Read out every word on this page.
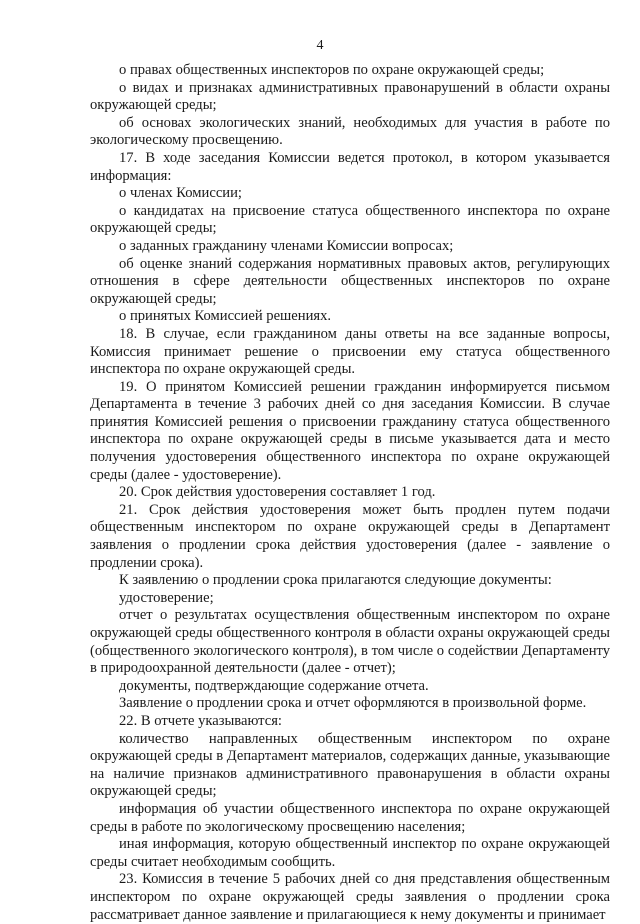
4

о правах общественных инспекторов по охране окружающей среды;

о видах и признаках административных правонарушений в области охраны окружающей среды;

об основах экологических знаний, необходимых для участия в работе по экологическому просвещению.

17. В ходе заседания Комиссии ведется протокол, в котором указывается информация:

о членах Комиссии;

о кандидатах на присвоение статуса общественного инспектора по охране окружающей среды;

о заданных гражданину членами Комиссии вопросах;

об оценке знаний содержания нормативных правовых актов, регулирующих отношения в сфере деятельности общественных инспекторов по охране окружающей среды;

о принятых Комиссией решениях.

18. В случае, если гражданином даны ответы на все заданные вопросы, Комиссия принимает решение о присвоении ему статуса общественного инспектора по охране окружающей среды.

19. О принятом Комиссией решении гражданин информируется письмом Департамента в течение 3 рабочих дней со дня заседания Комиссии. В случае принятия Комиссией решения о присвоении гражданину статуса общественного инспектора по охране окружающей среды в письме указывается дата и место получения удостоверения общественного инспектора по охране окружающей среды (далее - удостоверение).

20. Срок действия удостоверения составляет 1 год.

21. Срок действия удостоверения может быть продлен путем подачи общественным инспектором по охране окружающей среды в Департамент заявления о продлении срока действия удостоверения (далее - заявление о продлении срока).

К заявлению о продлении срока прилагаются следующие документы:

удостоверение;

отчет о результатах осуществления общественным инспектором по охране окружающей среды общественного контроля в области охраны окружающей среды (общественного экологического контроля), в том числе о содействии Департаменту в природоохранной деятельности (далее - отчет);

документы, подтверждающие содержание отчета.

Заявление о продлении срока и отчет оформляются в произвольной форме.

22. В отчете указываются:

количество направленных общественным инспектором по охране окружающей среды в Департамент материалов, содержащих данные, указывающие на наличие признаков административного правонарушения в области охраны окружающей среды;

информация об участии общественного инспектора по охране окружающей среды в работе по экологическому просвещению населения;

иная информация, которую общественный инспектор по охране окружающей среды считает необходимым сообщить.

23. Комиссия в течение 5 рабочих дней со дня представления общественным инспектором по охране окружающей среды заявления о продлении срока рассматривает данное заявление и прилагающиеся к нему документы и принимает
